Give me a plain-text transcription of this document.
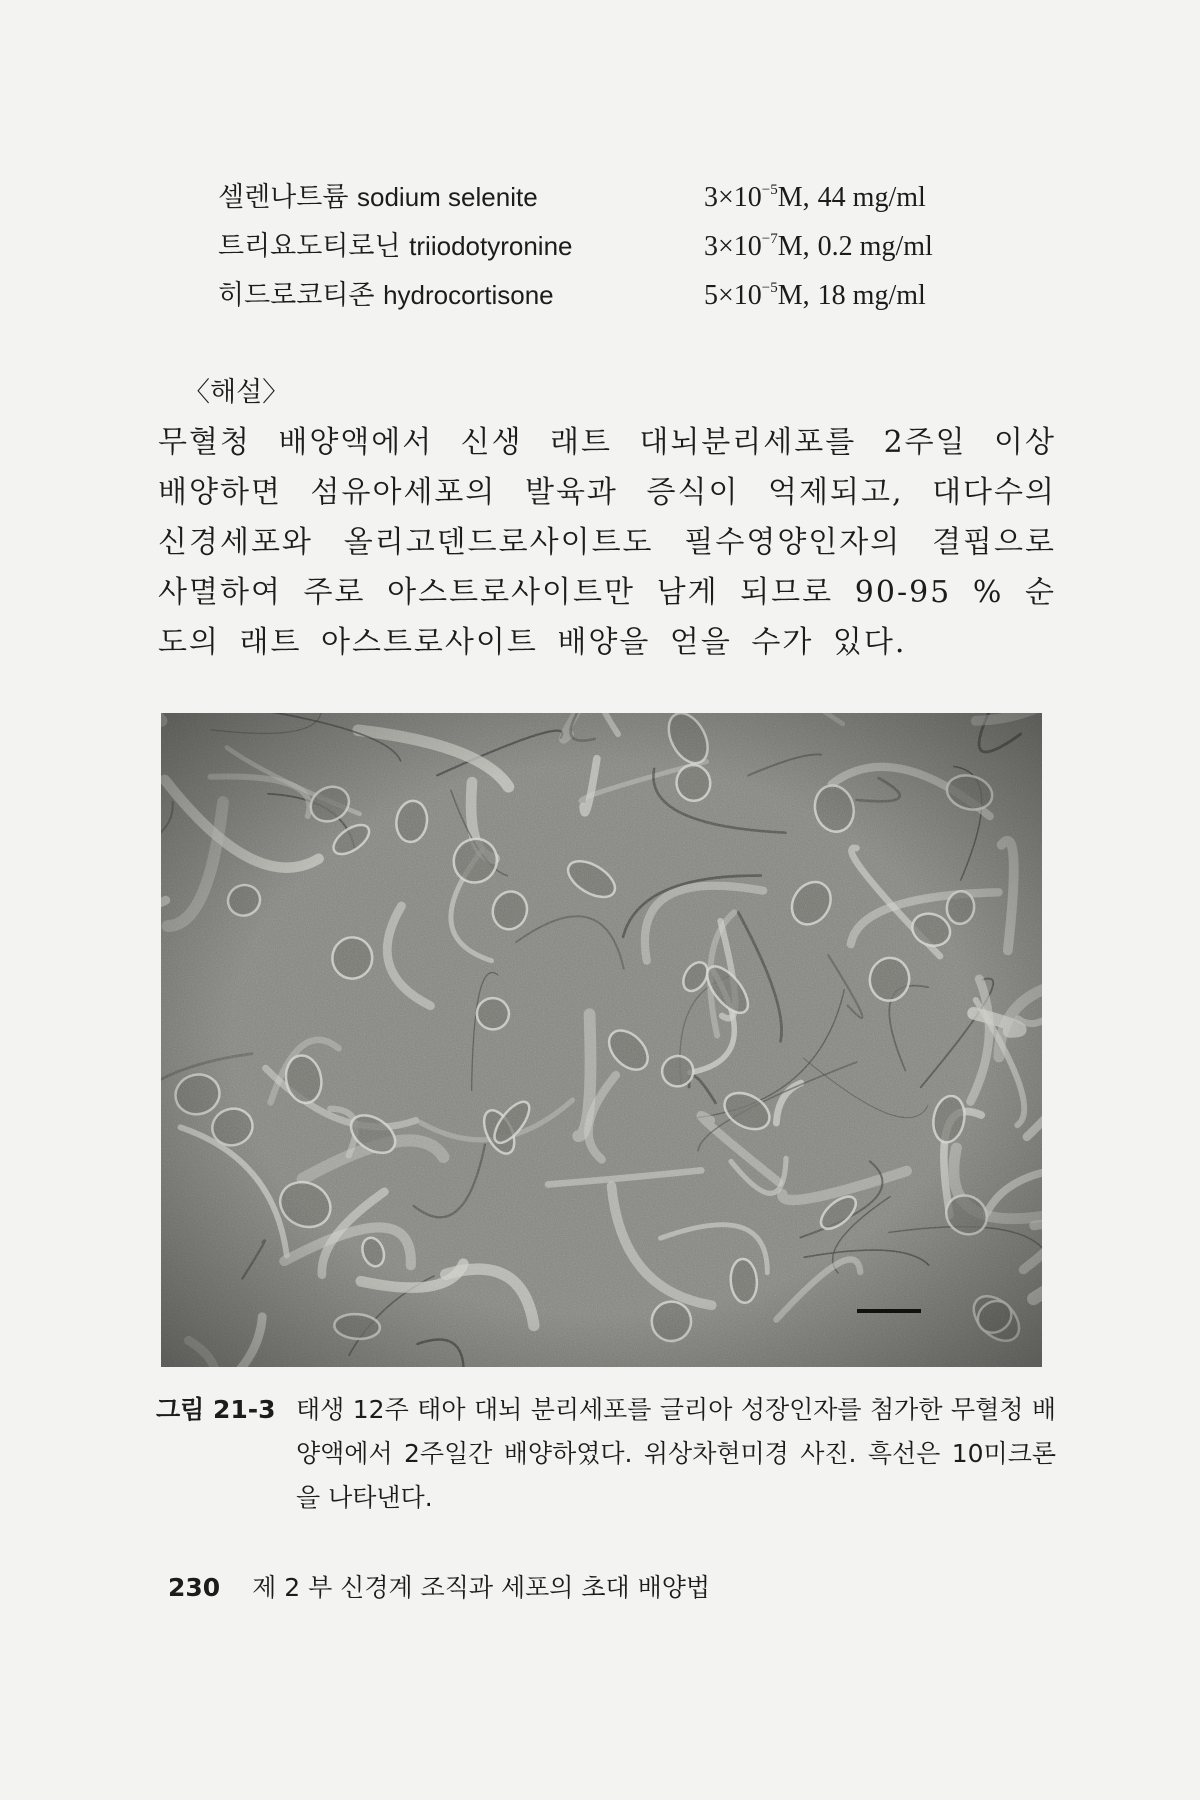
셀렌나트륨 sodium selenite	$3\times 10^{-5}M$, 44 mg/ml
트리요도티로닌 triiodotyronine	$3\times 10^{-7}M$, 0.2 mg/ml
히드로코티존 hydrocortisone	$5\times 10^{-5}M$, 18 mg/ml
〈해설〉
무혈청 배양액에서 신생 래트 대뇌분리세포를 2주일 이상 배양하면 섬유아세포의 발육과 증식이 억제되고, 대다수의 신경세포와 올리고덴드로사이트도 필수영양인자의 결핍으로 사멸하여 주로 아스트로사이트만 남게 되므로 90-95 % 순도의 래트 아스트로사이트 배양을 얻을 수가 있다.
그림 21-3 태생 12주 태아 대뇌 분리세포를 글리아 성장인자를 첨가한 무혈청 배양액에서 2주일간 배양하였다. 위상차현미경 사진. 흑선은 10미크론을 나타낸다.
230 제 2 부 신경계 조직과 세포의 초대 배양법
